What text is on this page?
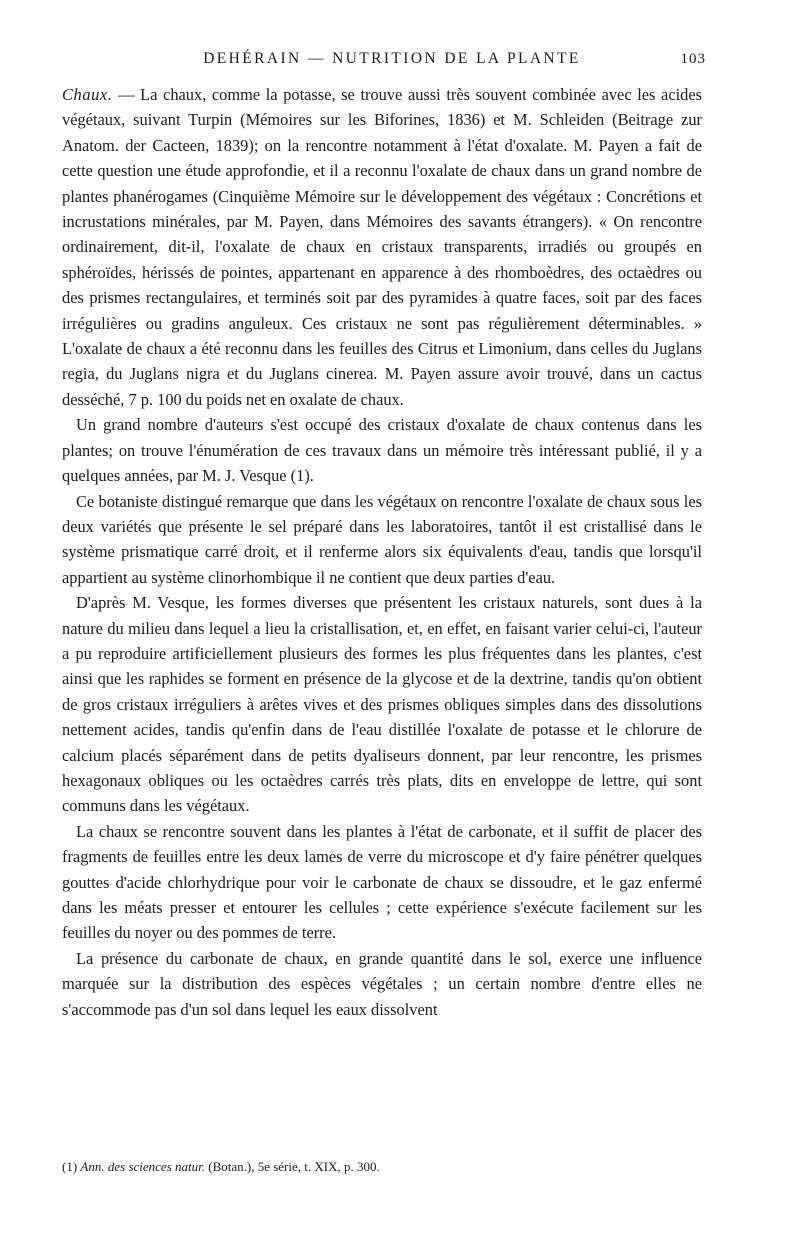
DEHÉRAIN — NUTRITION DE LA PLANTE	103

Chaux. — La chaux, comme la potasse, se trouve aussi très souvent combinée avec les acides végétaux, suivant Turpin (Mémoires sur les Biforines, 1836) et M. Schleiden (Beitrage zur Anatom. der Cacteen, 1839); on la rencontre notamment à l'état d'oxalate. M. Payen a fait de cette question une étude approfondie, et il a reconnu l'oxalate de chaux dans un grand nombre de plantes phanérogames (Cinquième Mémoire sur le développement des végétaux : Concrétions et incrustations minérales, par M. Payen, dans Mémoires des savants étrangers). « On rencontre ordinairement, dit-il, l'oxalate de chaux en cristaux transparents, irradiés ou groupés en sphéroïdes, hérissés de pointes, appartenant en apparence à des rhomboèdres, des octaèdres ou des prismes rectangulaires, et terminés soit par des pyramides à quatre faces, soit par des faces irrégulières ou gradins anguleux. Ces cristaux ne sont pas régulièrement déterminables. » L'oxalate de chaux a été reconnu dans les feuilles des Citrus et Limonium, dans celles du Juglans regia, du Juglans nigra et du Juglans cinerea. M. Payen assure avoir trouvé, dans un cactus desséché, 7 p. 100 du poids net en oxalate de chaux.

Un grand nombre d'auteurs s'est occupé des cristaux d'oxalate de chaux contenus dans les plantes; on trouve l'énumération de ces travaux dans un mémoire très intéressant publié, il y a quelques années, par M. J. Vesque (1).

Ce botaniste distingué remarque que dans les végétaux on rencontre l'oxalate de chaux sous les deux variétés que présente le sel préparé dans les laboratoires, tantôt il est cristallisé dans le système prismatique carré droit, et il renferme alors six équivalents d'eau, tandis que lorsqu'il appartient au système clinorhombique il ne contient que deux parties d'eau.

D'après M. Vesque, les formes diverses que présentent les cristaux naturels, sont dues à la nature du milieu dans lequel a lieu la cristallisation, et, en effet, en faisant varier celui-ci, l'auteur a pu reproduire artificiellement plusieurs des formes les plus fréquentes dans les plantes, c'est ainsi que les raphides se forment en présence de la glycose et de la dextrine, tandis qu'on obtient de gros cristaux irréguliers à arêtes vives et des prismes obliques simples dans des dissolutions nettement acides, tandis qu'enfin dans de l'eau distillée l'oxalate de potasse et le chlorure de calcium placés séparément dans de petits dyaliseurs donnent, par leur rencontre, les prismes hexagonaux obliques ou les octaèdres carrés très plats, dits en enveloppe de lettre, qui sont communs dans les végétaux.

La chaux se rencontre souvent dans les plantes à l'état de carbonate, et il suffit de placer des fragments de feuilles entre les deux lames de verre du microscope et d'y faire pénétrer quelques gouttes d'acide chlorhydrique pour voir le carbonate de chaux se dissoudre, et le gaz enfermé dans les méats presser et entourer les cellules ; cette expérience s'exécute facilement sur les feuilles du noyer ou des pommes de terre.

La présence du carbonate de chaux, en grande quantité dans le sol, exerce une influence marquée sur la distribution des espèces végétales ; un certain nombre d'entre elles ne s'accommode pas d'un sol dans lequel les eaux dissolvent

(1) Ann. des sciences natur. (Botan.), 5e série, t. XIX, p. 300.
